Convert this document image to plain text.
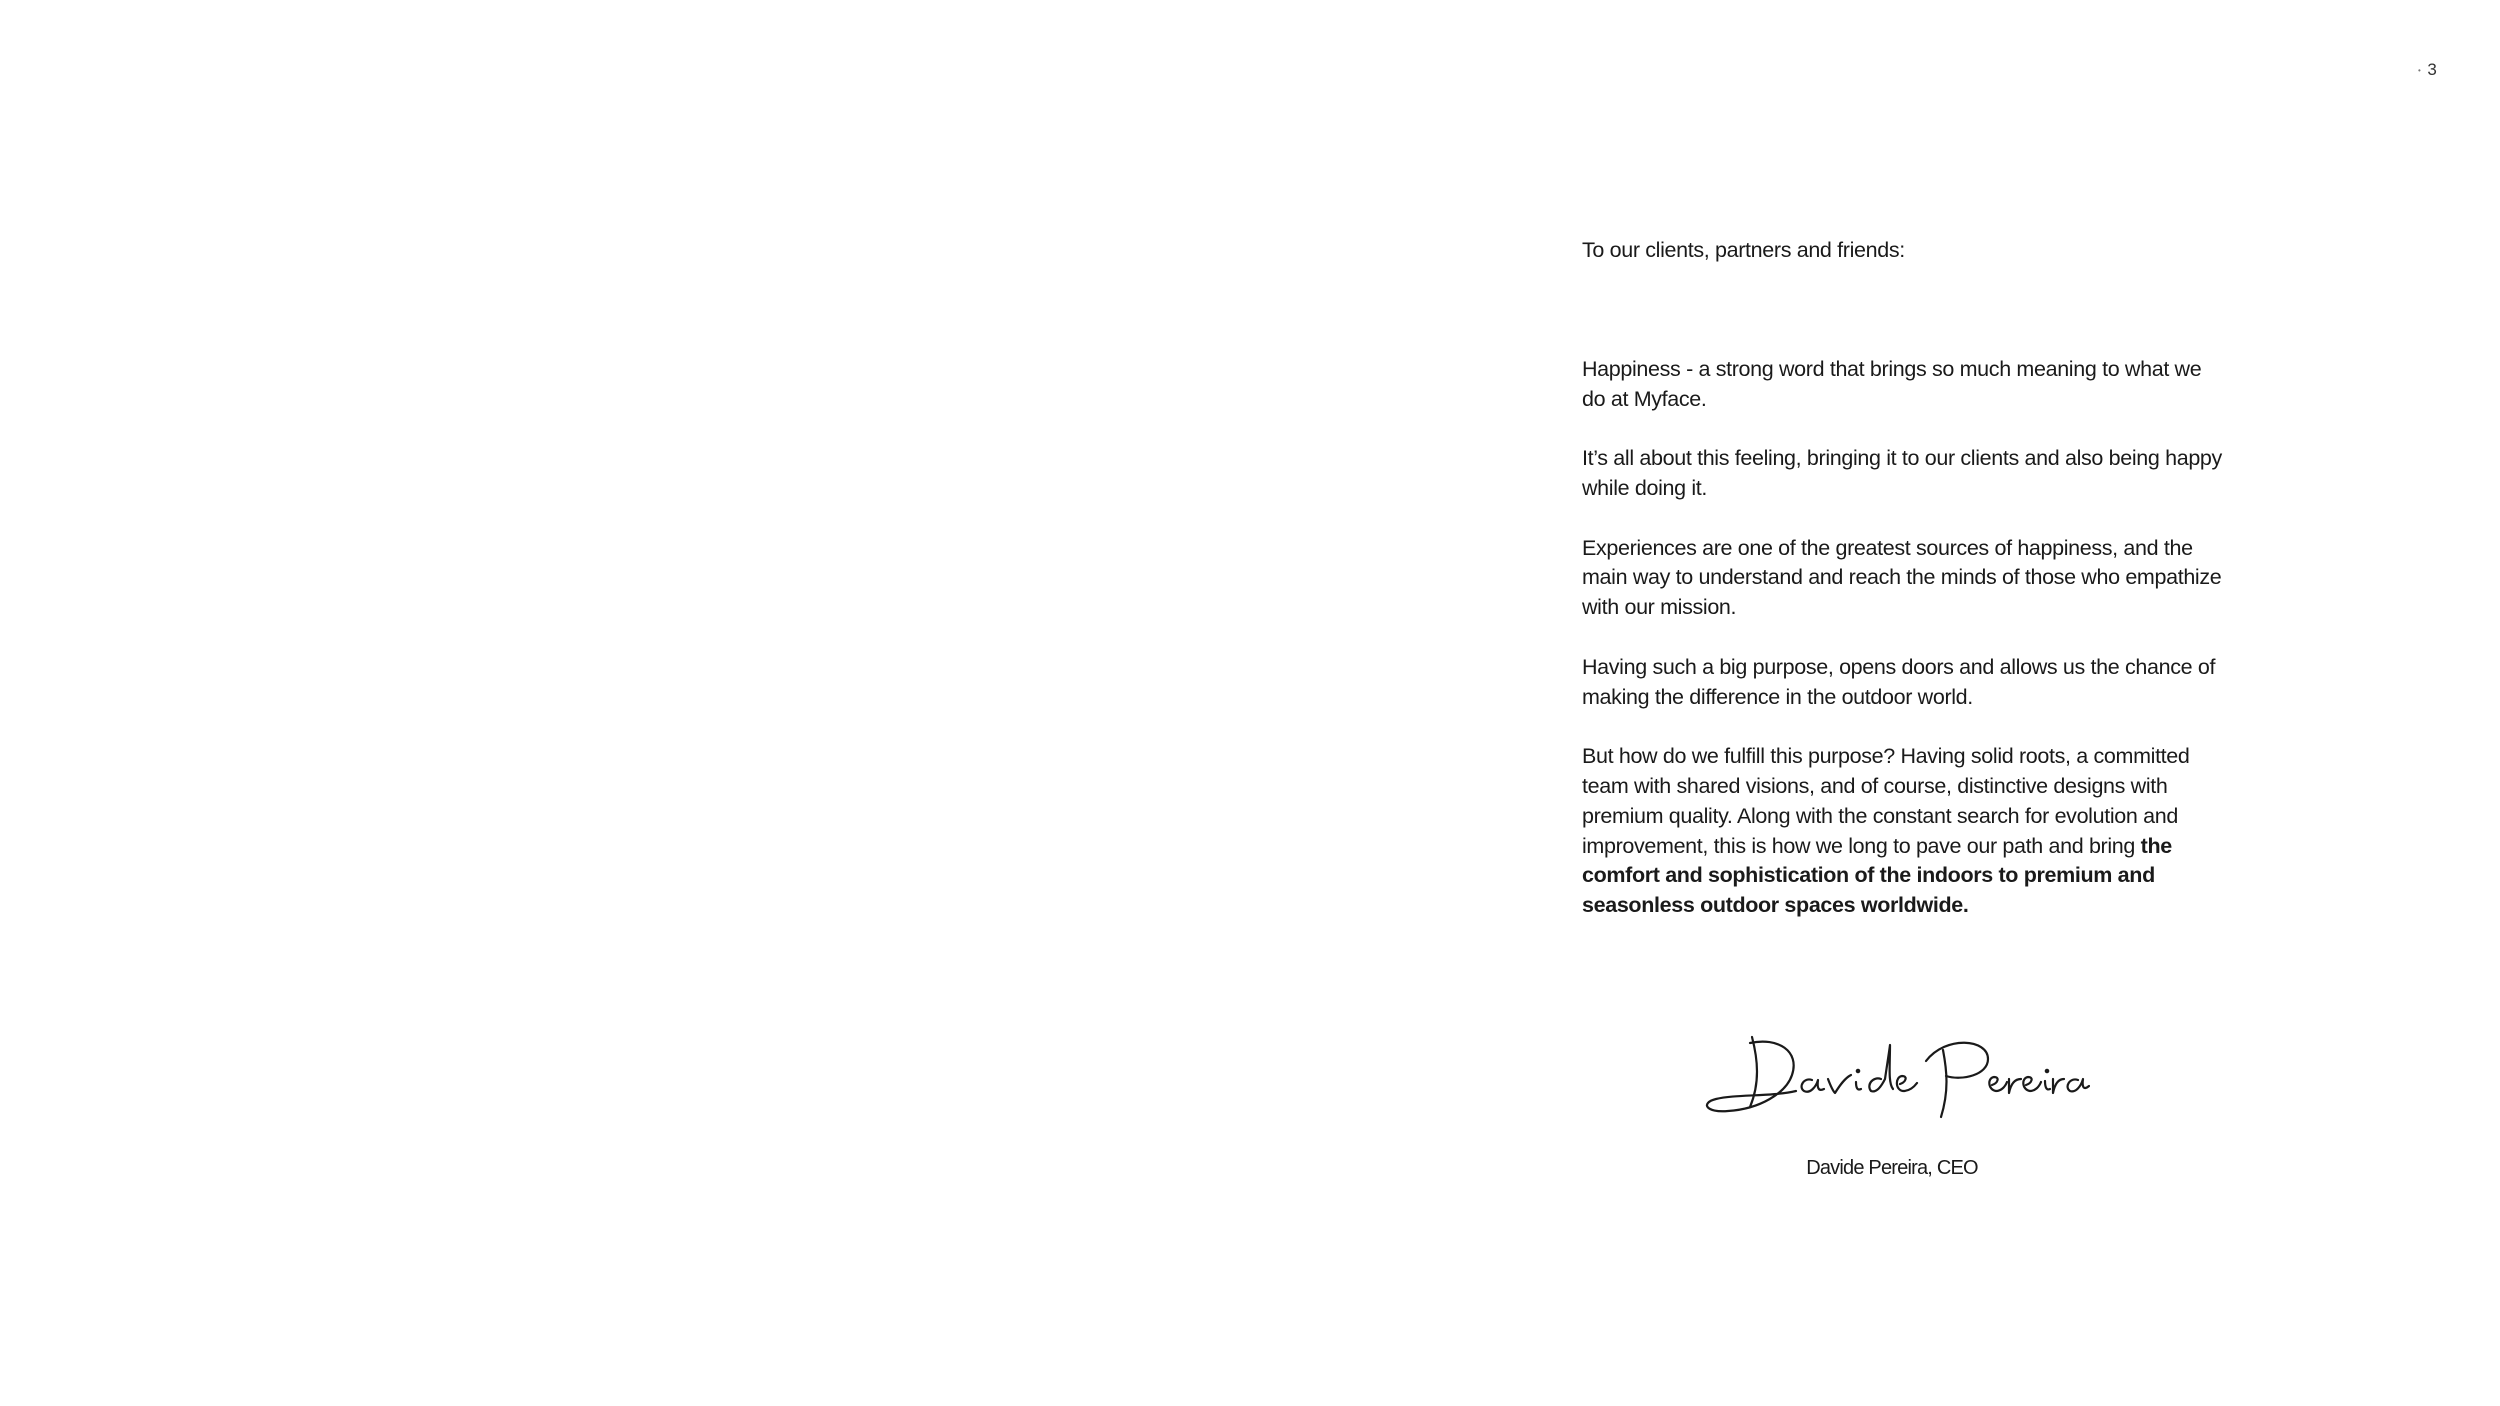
• 3

To our clients, partners and friends:

Happiness - a strong word that brings so much meaning to what we do at Myface.

It’s all about this feeling, bringing it to our clients and also being happy while doing it.

Experiences are one of the greatest sources of happiness, and the main way to understand and reach the minds of those who empathize with our mission.

Having such a big purpose, opens doors and allows us the chance of making the difference in the outdoor world.

But how do we fulfill this purpose? Having solid roots, a committed team with shared visions, and of course, distinctive designs with premium quality. Along with the constant search for evolution and improvement, this is how we long to pave our path and bring the comfort and sophistication of the indoors to premium and seasonless outdoor spaces worldwide.

Davide Pereira, CEO
